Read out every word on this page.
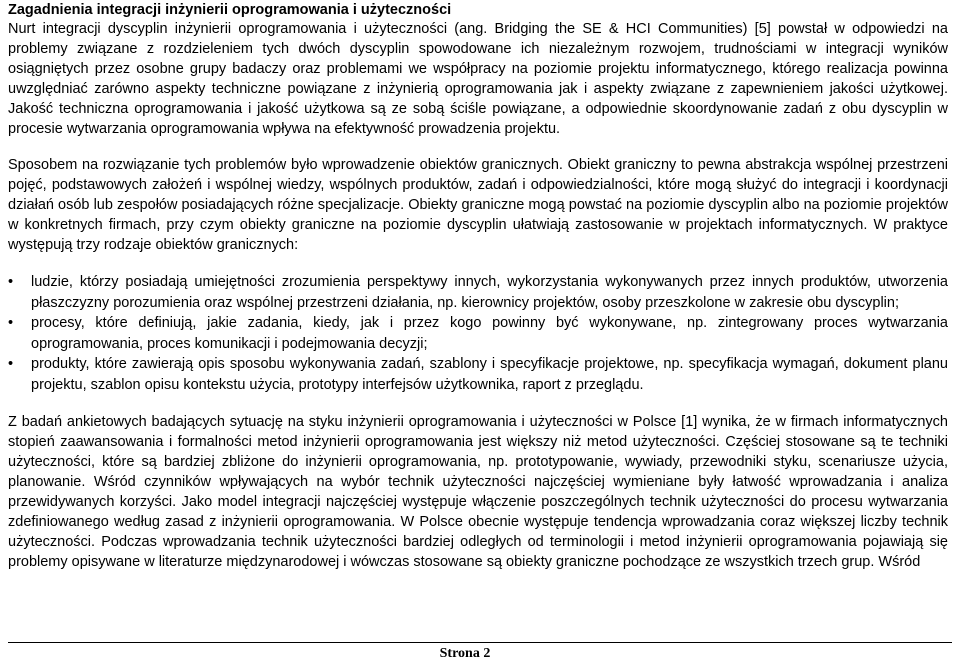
Zagadnienia integracji inżynierii oprogramowania i użyteczności

Nurt integracji dyscyplin inżynierii oprogramowania i użyteczności (ang. Bridging the SE & HCI Communities) [5] powstał w odpowiedzi na problemy związane z rozdzieleniem tych dwóch dyscyplin spowodowane ich niezależnym rozwojem, trudnościami w integracji wyników osiągniętych przez osobne grupy badaczy oraz problemami we współpracy na poziomie projektu informatycznego, którego realizacja powinna uwzględniać zarówno aspekty techniczne powiązane z inżynierią oprogramowania jak i aspekty związane z zapewnieniem jakości użytkowej. Jakość techniczna oprogramowania i jakość użytkowa są ze sobą ściśle powiązane, a odpowiednie skoordynowanie zadań z obu dyscyplin w procesie wytwarzania oprogramowania wpływa na efektywność prowadzenia projektu.

Sposobem na rozwiązanie tych problemów było wprowadzenie obiektów granicznych. Obiekt graniczny to pewna abstrakcja wspólnej przestrzeni pojęć, podstawowych założeń i wspólnej wiedzy, wspólnych produktów, zadań i odpowiedzialności, które mogą służyć do integracji i koordynacji działań osób lub zespołów posiadających różne specjalizacje. Obiekty graniczne mogą powstać na poziomie dyscyplin albo na poziomie projektów w konkretnych firmach, przy czym obiekty graniczne na poziomie dyscyplin ułatwiają zastosowanie w projektach informatycznych. W praktyce występują trzy rodzaje obiektów granicznych:

• ludzie, którzy posiadają umiejętności zrozumienia perspektywy innych, wykorzystania wykonywanych przez innych produktów, utworzenia płaszczyzny porozumienia oraz wspólnej przestrzeni działania, np. kierownicy projektów, osoby przeszkolone w zakresie obu dyscyplin;
• procesy, które definiują, jakie zadania, kiedy, jak i przez kogo powinny być wykonywane, np. zintegrowany proces wytwarzania oprogramowania, proces komunikacji i podejmowania decyzji;
• produkty, które zawierają opis sposobu wykonywania zadań, szablony i specyfikacje projektowe, np. specyfikacja wymagań, dokument planu projektu, szablon opisu kontekstu użycia, prototypy interfejsów użytkownika, raport z przeglądu.

Z badań ankietowych badających sytuację na styku inżynierii oprogramowania i użyteczności w Polsce [1] wynika, że w firmach informatycznych stopień zaawansowania i formalności metod inżynierii oprogramowania jest większy niż metod użyteczności. Częściej stosowane są te techniki użyteczności, które są bardziej zbliżone do inżynierii oprogramowania, np. prototypowanie, wywiady, przewodniki styku, scenariusze użycia, planowanie. Wśród czynników wpływających na wybór technik użyteczności najczęściej wymieniane były łatwość wprowadzania i analiza przewidywanych korzyści. Jako model integracji najczęściej występuje włączenie poszczególnych technik użyteczności do procesu wytwarzania zdefiniowanego według zasad z inżynierii oprogramowania. W Polsce obecnie występuje tendencja wprowadzania coraz większej liczby technik użyteczności. Podczas wprowadzania technik użyteczności bardziej odległych od terminologii i metod inżynierii oprogramowania pojawiają się problemy opisywane w literaturze międzynarodowej i wówczas stosowane są obiekty graniczne pochodzące ze wszystkich trzech grup. Wśród

Strona 2
